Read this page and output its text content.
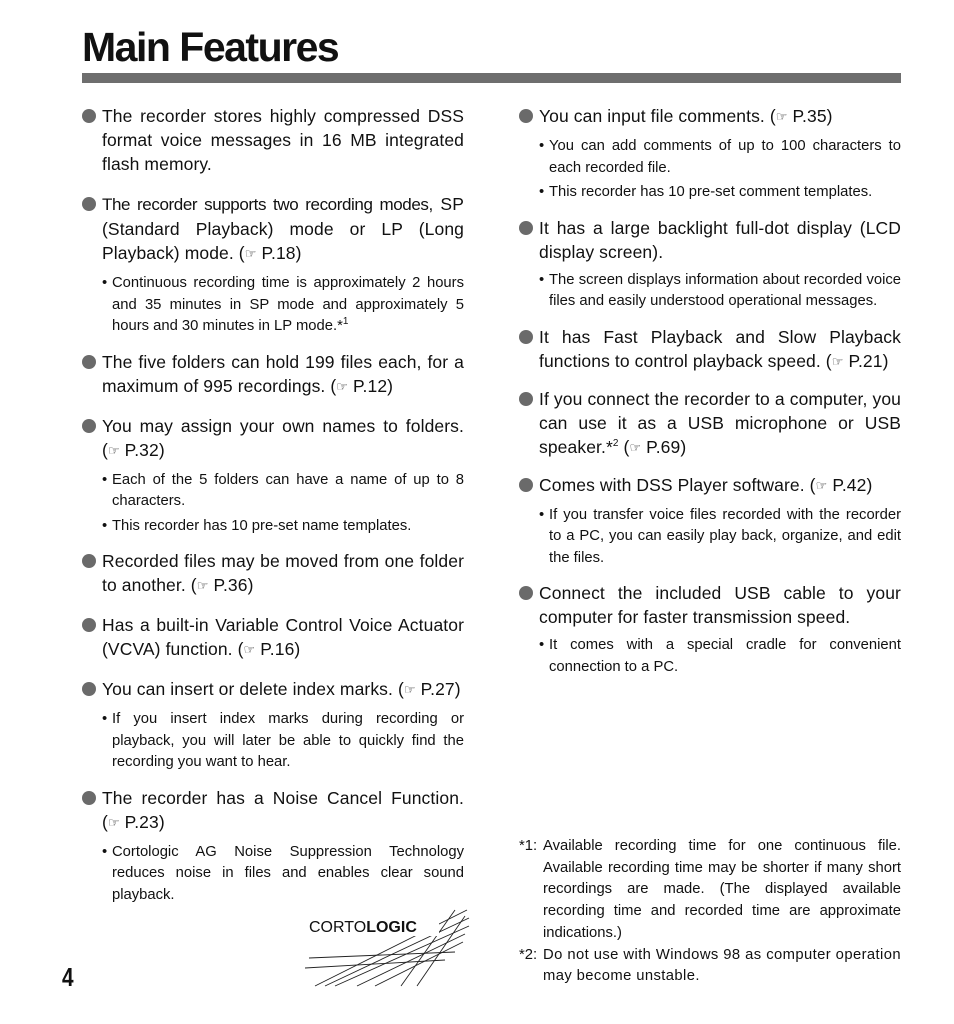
Main Features

The recorder stores highly compressed DSS format voice messages in 16 MB integrated flash memory.

The recorder supports two recording modes, SP (Standard Playback) mode or LP (Long Playback) mode. (☞ P.18)

• Continuous recording time is approximately 2 hours and 35 minutes in SP mode and approximately 5 hours and 30 minutes in LP mode.*$^1$

The five folders can hold 199 files each, for a maximum of 995 recordings. (☞ P.12)

You may assign your own names to folders. (☞ P.32)

• Each of the 5 folders can have a name of up to 8 characters.
• This recorder has 10 pre-set name templates.

Recorded files may be moved from one folder to another. (☞ P.36)

Has a built-in Variable Control Voice Actuator (VCVA) function. (☞ P.16)

You can insert or delete index marks. (☞ P.27)

• If you insert index marks during recording or playback, you will later be able to quickly find the recording you want to hear.

The recorder has a Noise Cancel Function. (☞ P.23)

• Cortologic AG Noise Suppression Technology reduces noise in files and enables clear sound playback.

You can input file comments. (☞ P.35)

• You can add comments of up to 100 characters to each recorded file.
• This recorder has 10 pre-set comment templates.

It has a large backlight full-dot display (LCD display screen).

• The screen displays information about recorded voice files and easily understood operational messages.

It has Fast Playback and Slow Playback functions to control playback speed. (☞ P.21)

If you connect the recorder to a computer, you can use it as a USB microphone or USB speaker.*$^2$ (☞ P.69)

Comes with DSS Player software. (☞ P.42)

• If you transfer voice files recorded with the recorder to a PC, you can easily play back, organize, and edit the files.

Connect the included USB cable to your computer for faster transmission speed.

• It comes with a special cradle for convenient connection to a PC.

*1: Available recording time for one continuous file. Available recording time may be shorter if many short recordings are made. (The displayed available recording time and recorded time are approximate indications.)

*2: Do not use with Windows 98 as computer operation may become unstable.

CORTOLOGIC
4
